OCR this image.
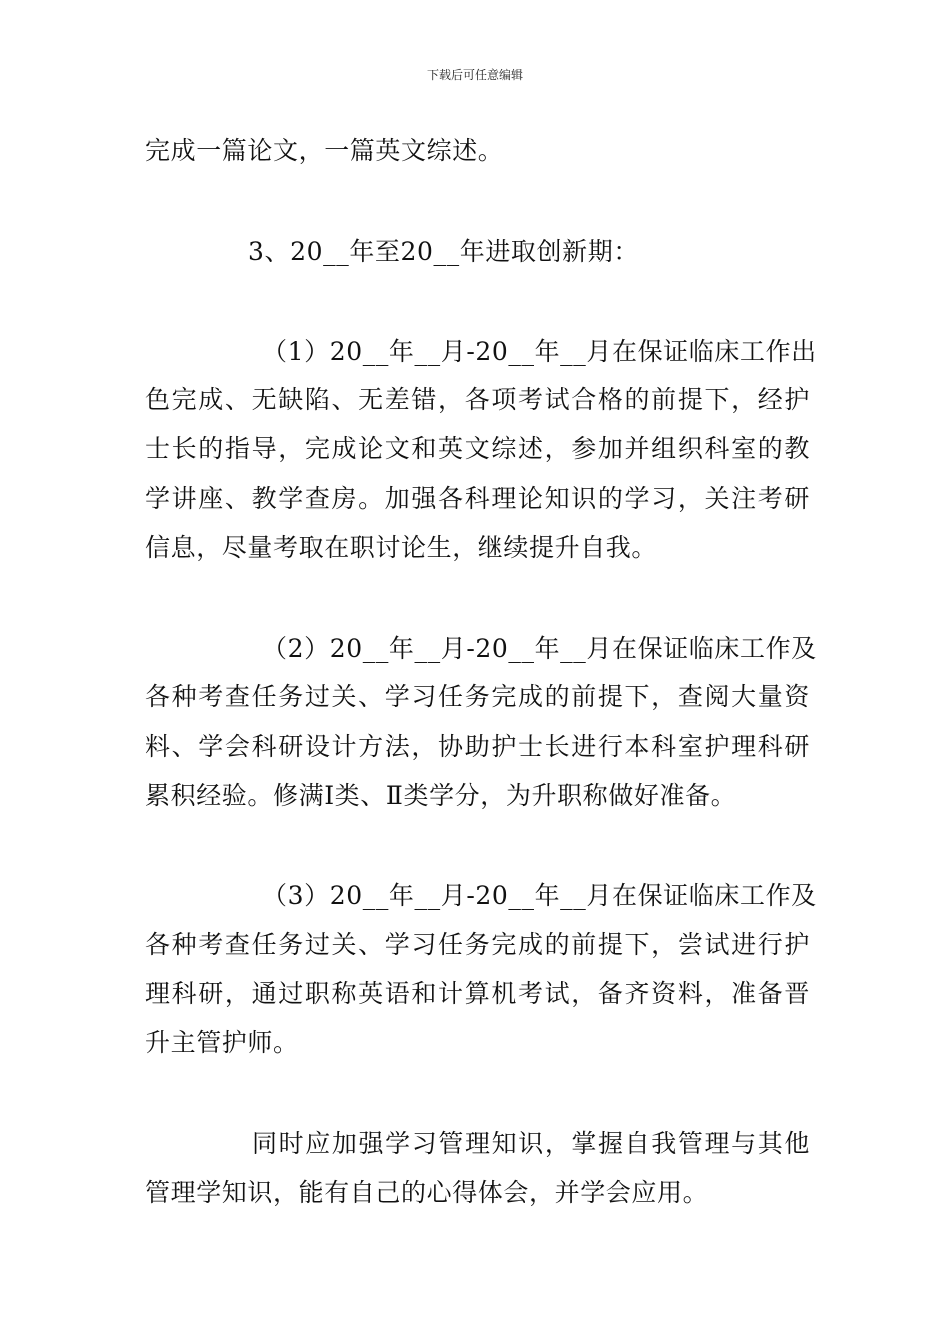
下载后可任意编辑
完成一篇论文，一篇英文综述。
3、20__年至20__年进取创新期：
（1）20__年__月-20__年__月在保证临床工作出
色完成、无缺陷、无差错，各项考试合格的前提下，经护
士长的指导，完成论文和英文综述，参加并组织科室的教
学讲座、教学查房。加强各科理论知识的学习，关注考研
信息，尽量考取在职讨论生，继续提升自我。
（2）20__年__月-20__年__月在保证临床工作及
各种考查任务过关、学习任务完成的前提下，查阅大量资
料、学会科研设计方法，协助护士长进行本科室护理科研
累积经验。修满Ⅰ类、Ⅱ类学分，为升职称做好准备。
（3）20__年__月-20__年__月在保证临床工作及
各种考查任务过关、学习任务完成的前提下，尝试进行护
理科研，通过职称英语和计算机考试，备齐资料，准备晋
升主管护师。
同时应加强学习管理知识，掌握自我管理与其他
管理学知识，能有自己的心得体会，并学会应用。
